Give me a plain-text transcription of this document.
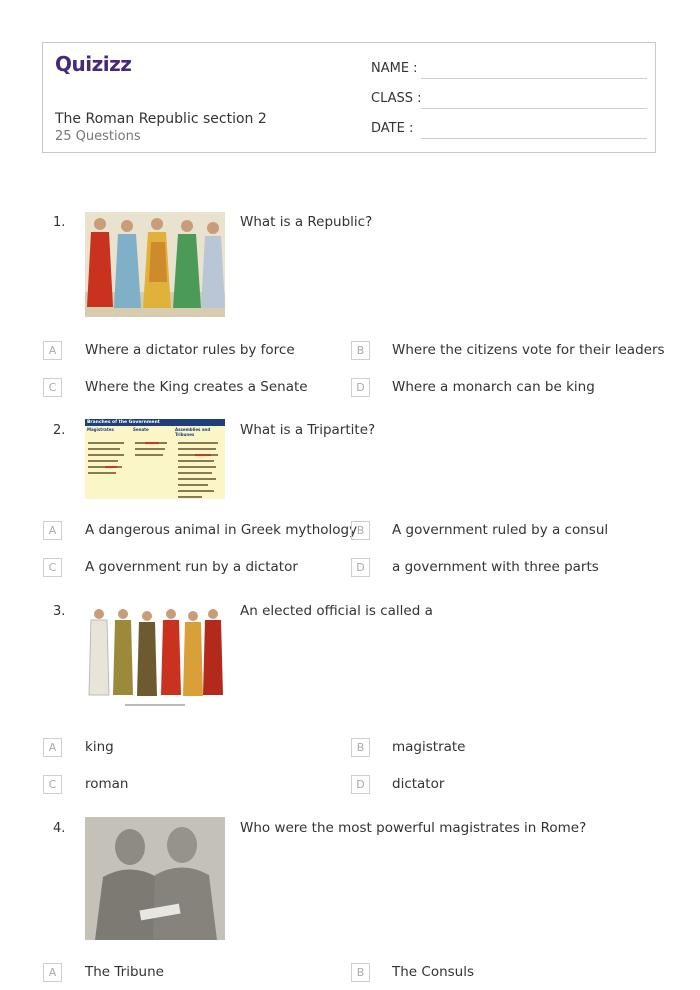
Quizizz
The Roman Republic section 2
25 Questions
NAME :
CLASS :
DATE :
1.	What is a Republic?
A	Where a dictator rules by force	B	Where the citizens vote for their leaders
C	Where the King creates a Senate	D	Where a monarch can be king
2.
Branches of the Government
Magistrates	Senate	Assemblies and Tribunes	What is a Tripartite?
A	A dangerous animal in Greek mythology B	A government ruled by a consul
C	A government run by a dictator	D	a government with three parts
3.	An elected official is called a
A	king	B	magistrate
C	roman	D	dictator
4.	Who were the most powerful magistrates in Rome?
A	The Tribune	B	The Consuls
